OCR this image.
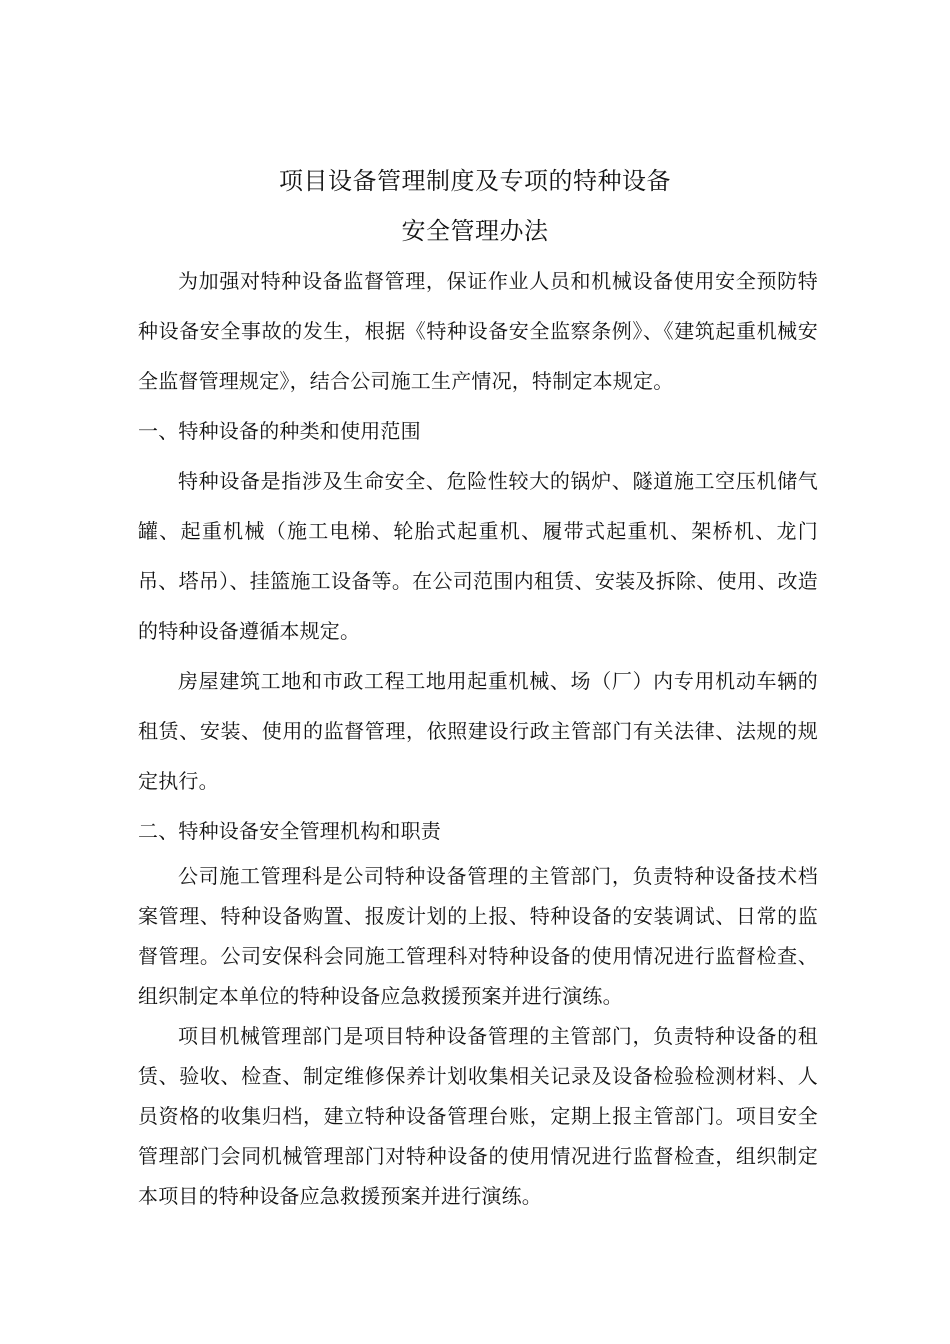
项目设备管理制度及专项的特种设备
安全管理办法

为加强对特种设备监督管理，保证作业人员和机械设备使用安全预防特种设备安全事故的发生，根据《特种设备安全监察条例》、《建筑起重机械安全监督管理规定》，结合公司施工生产情况，特制定本规定。

一、特种设备的种类和使用范围

特种设备是指涉及生命安全、危险性较大的锅炉、隧道施工空压机储气罐、起重机械（施工电梯、轮胎式起重机、履带式起重机、架桥机、龙门吊、塔吊）、挂篮施工设备等。在公司范围内租赁、安装及拆除、使用、改造的特种设备遵循本规定。

房屋建筑工地和市政工程工地用起重机械、场（厂）内专用机动车辆的租赁、安装、使用的监督管理，依照建设行政主管部门有关法律、法规的规定执行。

二、特种设备安全管理机构和职责

公司施工管理科是公司特种设备管理的主管部门，负责特种设备技术档案管理、特种设备购置、报废计划的上报、特种设备的安装调试、日常的监督管理。公司安保科会同施工管理科对特种设备的使用情况进行监督检查、组织制定本单位的特种设备应急救援预案并进行演练。

项目机械管理部门是项目特种设备管理的主管部门，负责特种设备的租赁、验收、检查、制定维修保养计划收集相关记录及设备检验检测材料、人员资格的收集归档，建立特种设备管理台账，定期上报主管部门。项目安全管理部门会同机械管理部门对特种设备的使用情况进行监督检查，组织制定本项目的特种设备应急救援预案并进行演练。
